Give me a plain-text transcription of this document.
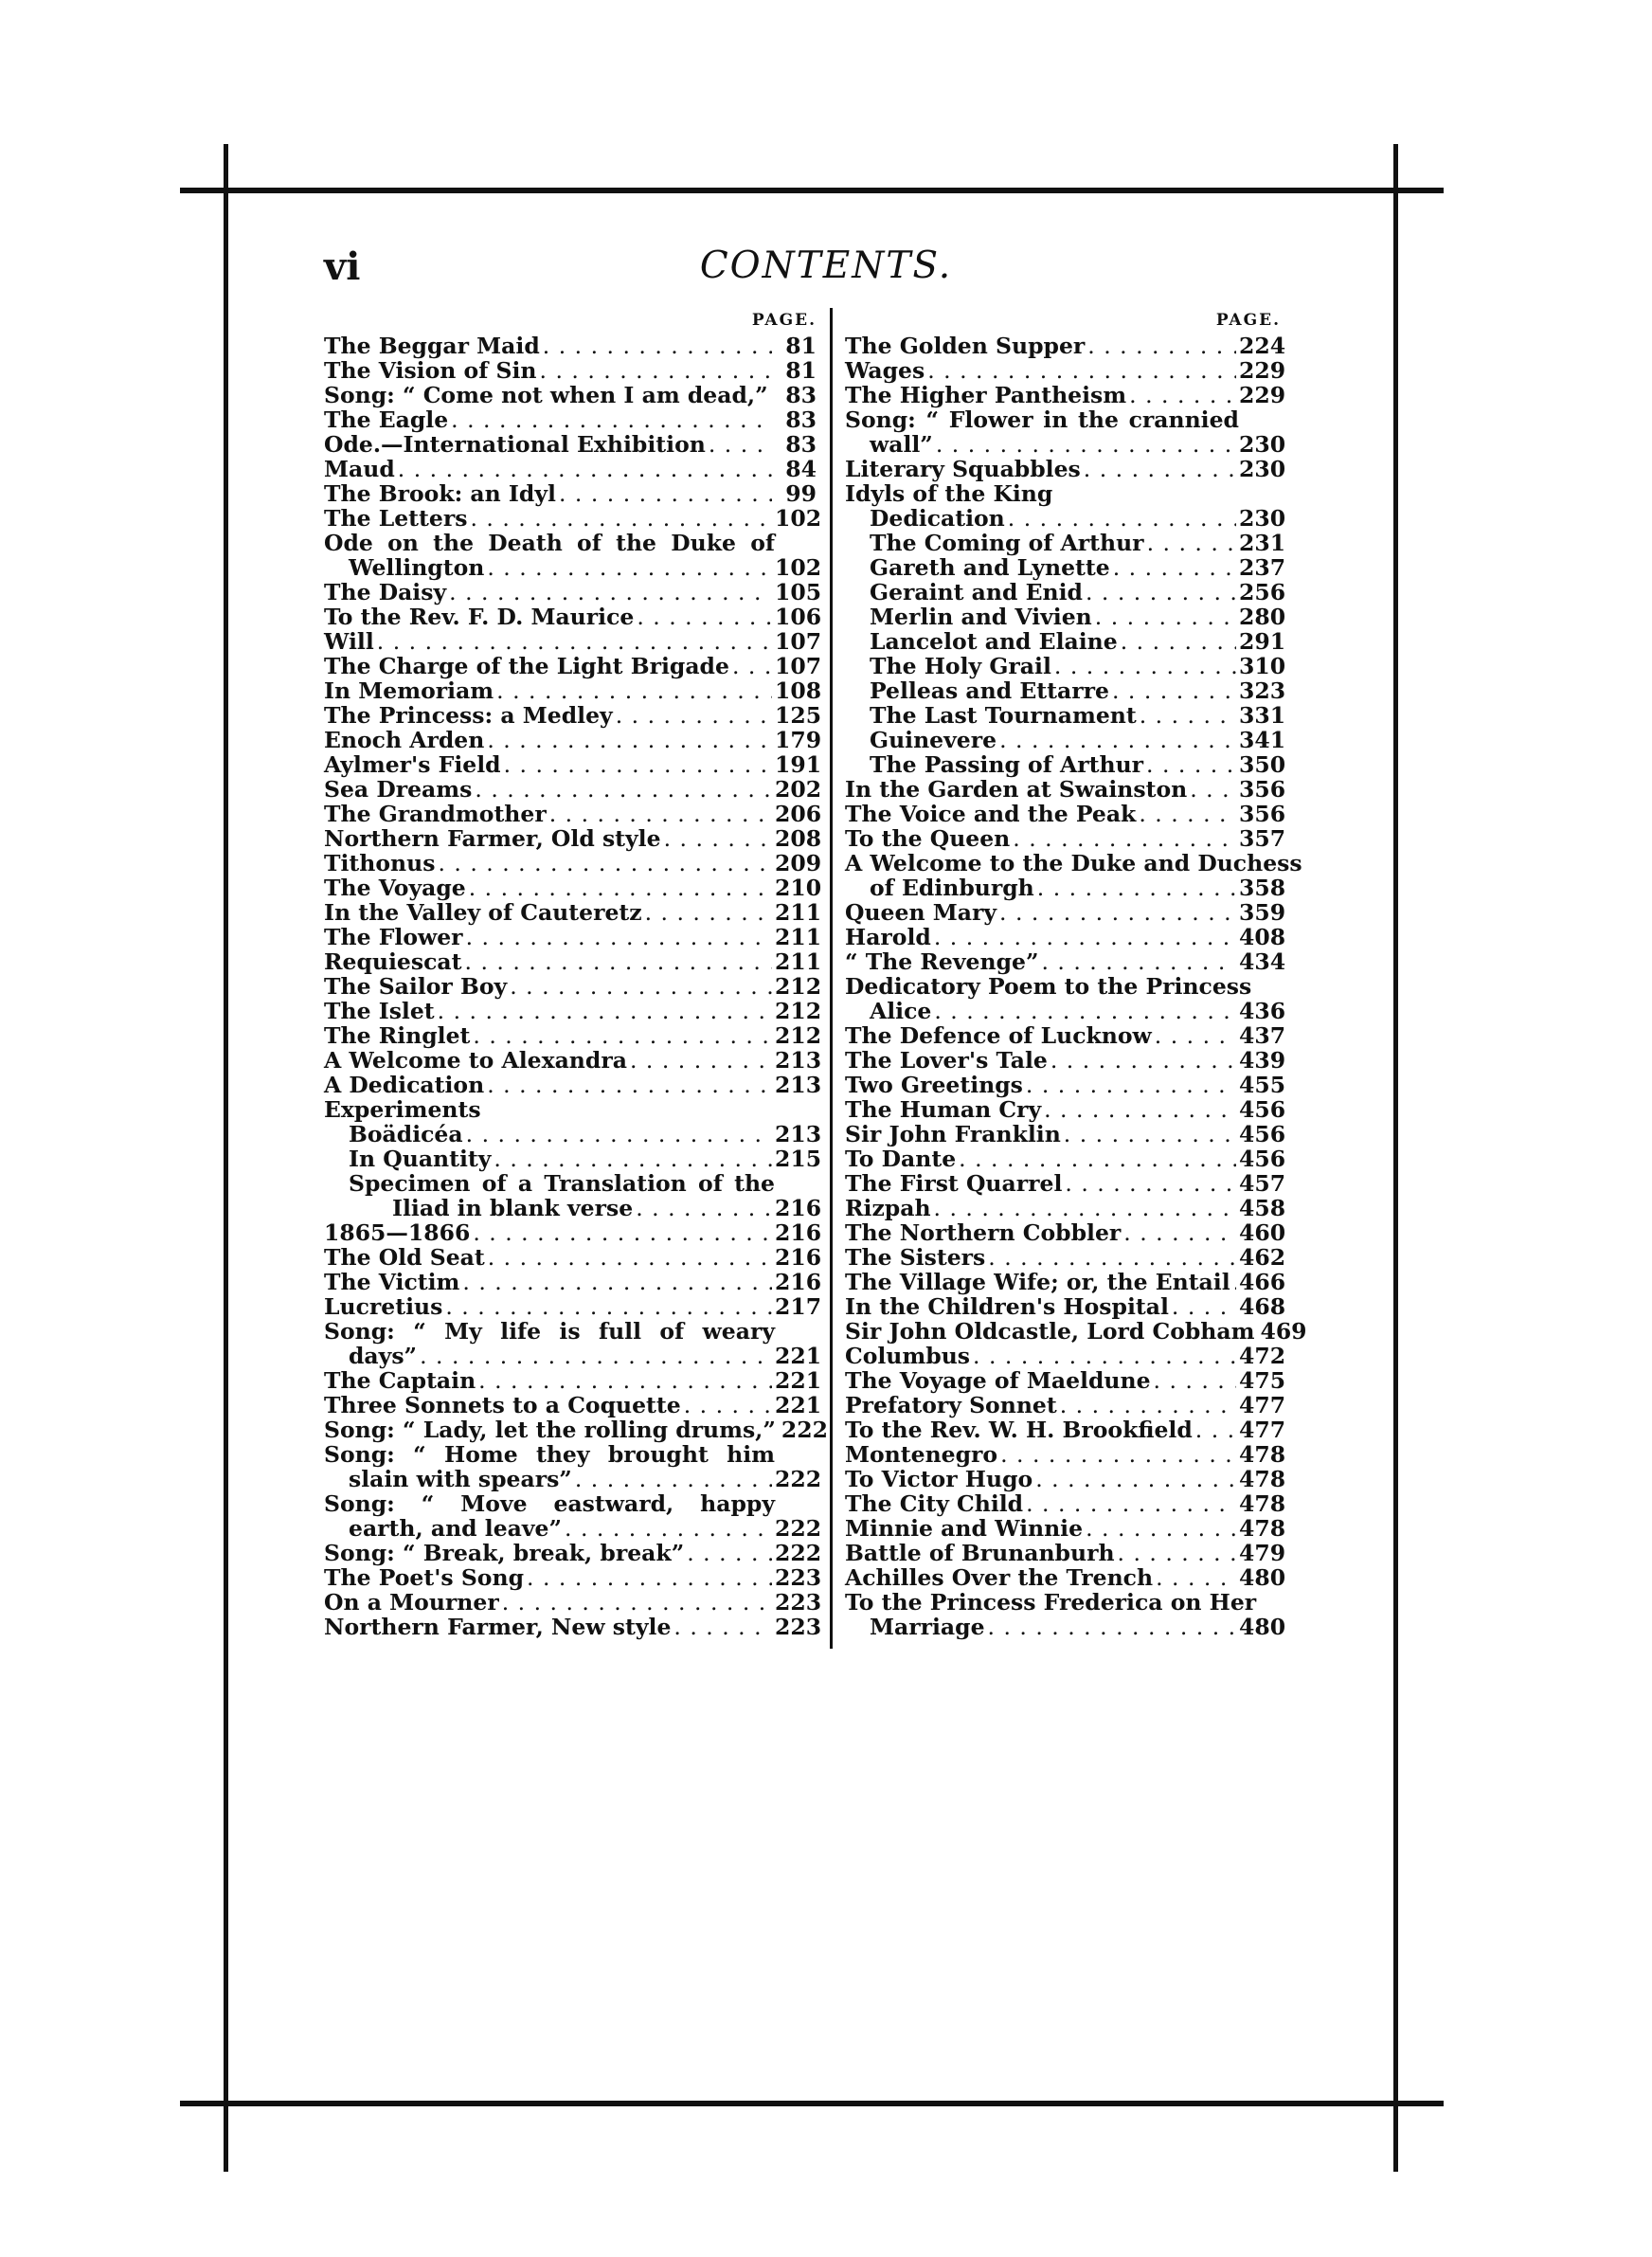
vi	CONTENTS.
PAGE.
The Beggar Maid . . .	81
The Vision of Sin . . .	81
Song: “ Come not when I am dead,” . . . 83
The Eagle . . .	83
Ode.—International Exhibition . . .	83
Maud . . .	84
The Brook: an Idyl . . .	99
The Letters . . .	102
Ode on the Death of the Duke of
Wellington . . .	102
The Daisy . . .	105
To the Rev. F. D. Maurice . . .	106
Will . . .	107
The Charge of the Light Brigade . . . 107
In Memoriam . . .	108
The Princess: a Medley . . .	125
Enoch Arden . . .	179
Aylmer's Field . . .	191
Sea Dreams . . .	202
The Grandmother . . .	206
Northern Farmer, Old style . . .	208
Tithonus . . .	209
The Voyage . . .	210
In the Valley of Cauteretz . . .	211
The Flower . . .	211
Requiescat . . .	211
The Sailor Boy . . .	212
The Islet . . .	212
The Ringlet . . .	212
A Welcome to Alexandra . . .	213
A Dedication . . .	213
Experiments
Boädicéa . . .	213
In Quantity . . .	215
Specimen of a Translation of the
Iliad in blank verse . . .	216
1865—1866 . . .	216
The Old Seat . . .	216
The Victim . . .	216
Lucretius . . .	217
Song: “ My life is full of weary
days” . . .	221
The Captain . . .	221
Three Sonnets to a Coquette . . .	221
Song: “ Lady, let the rolling drums,” 222
Song: “ Home they brought him
slain with spears” . . .	222
Song: “ Move eastward, happy
earth, and leave” . . .	222
Song: “ Break, break, break” . . .	222
The Poet's Song . . .	223
On a Mourner . . .	223
Northern Farmer, New style . . .	223
PAGE.
The Golden Supper . . .	224
Wages . . .	229
The Higher Pantheism . . .	229
Song: “ Flower in the crannied
wall” . . .	230
Literary Squabbles . . .	230
Idyls of the King
Dedication . . .	230
The Coming of Arthur . . .	231
Gareth and Lynette . . .	237
Geraint and Enid . . .	256
Merlin and Vivien . . .	280
Lancelot and Elaine . . .	291
The Holy Grail . . .	310
Pelleas and Ettarre . . .	323
The Last Tournament . . .	331
Guinevere . . .	341
The Passing of Arthur . . .	350
In the Garden at Swainston . . . 356
The Voice and the Peak . . .	356
To the Queen . . .	357
A Welcome to the Duke and Duchess
of Edinburgh . . .	358
Queen Mary . . .	359
Harold . . .	408
“ The Revenge” . . .	434
Dedicatory Poem to the Princess
Alice . . .	436
The Defence of Lucknow . . .	437
The Lover's Tale . . .	439
Two Greetings . . .	455
The Human Cry . . .	456
Sir John Franklin . . .	456
To Dante . . .	456
The First Quarrel . . .	457
Rizpah . . .	458
The Northern Cobbler . . .	460
The Sisters . . .	462
The Village Wife; or, the Entail . . . 466
In the Children's Hospital . . .	468
Sir John Oldcastle, Lord Cobham 469
Columbus . . .	472
The Voyage of Maeldune . . .	475
Prefatory Sonnet . . .	477
To the Rev. W. H. Brookfield . . . 477
Montenegro . . .	478
To Victor Hugo . . .	478
The City Child . . .	478
Minnie and Winnie . . .	478
Battle of Brunanburh . . .	479
Achilles Over the Trench . . .	480
To the Princess Frederica on Her
Marriage . . .	480
